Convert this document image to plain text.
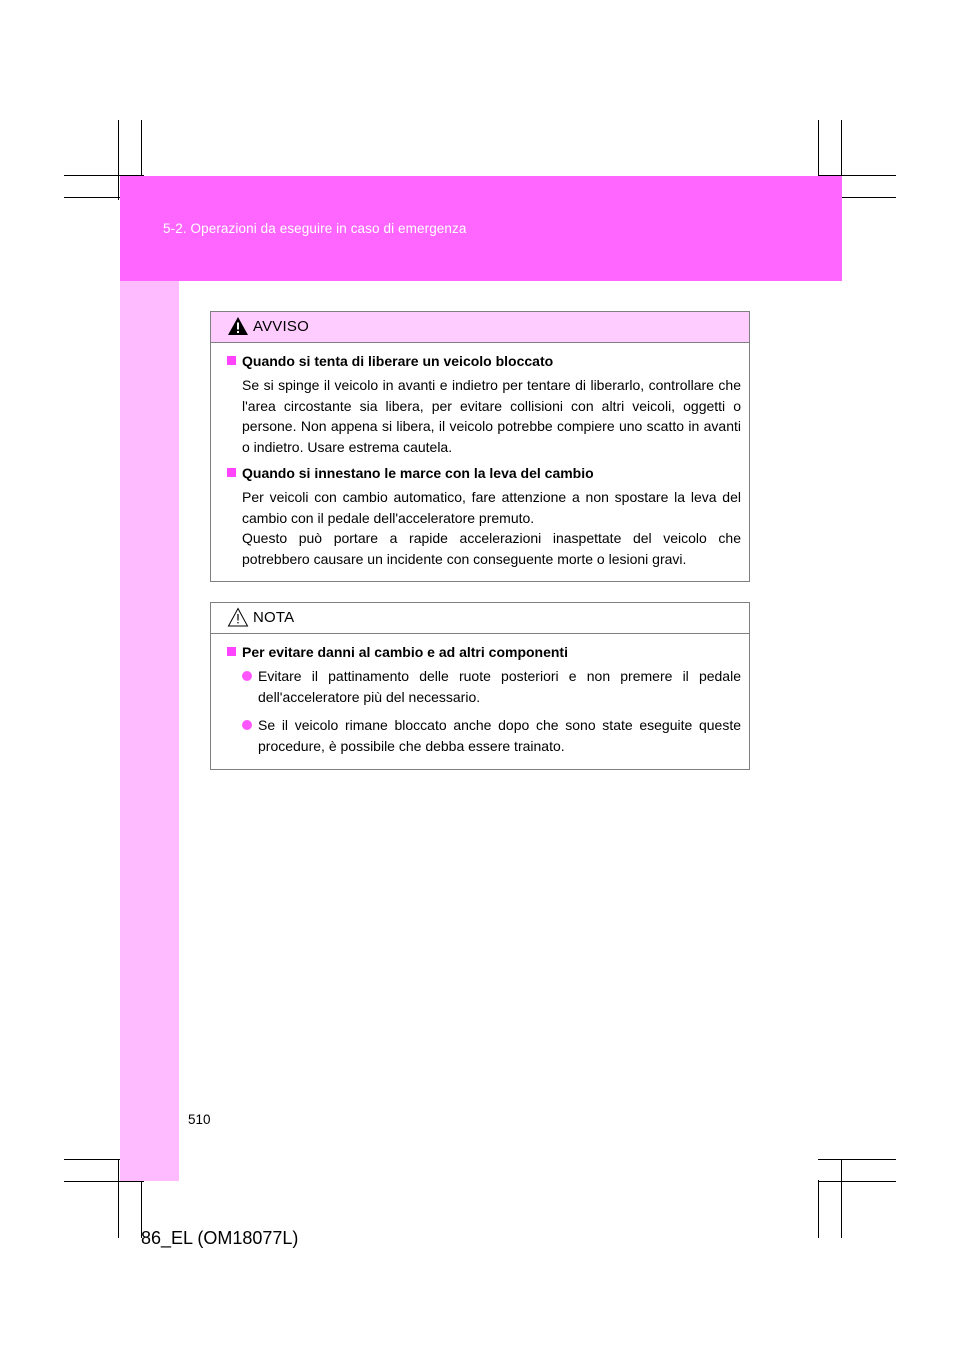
5-2. Operazioni da eseguire in caso di emergenza
AVVISO
Quando si tenta di liberare un veicolo bloccato
Se si spinge il veicolo in avanti e indietro per tentare di liberarlo, controllare che l'area circostante sia libera, per evitare collisioni con altri veicoli, oggetti o persone. Non appena si libera, il veicolo potrebbe compiere uno scatto in avanti o indietro. Usare estrema cautela.
Quando si innestano le marce con la leva del cambio
Per veicoli con cambio automatico, fare attenzione a non spostare la leva del cambio con il pedale dell'acceleratore premuto.
Questo può portare a rapide accelerazioni inaspettate del veicolo che potrebbero causare un incidente con conseguente morte o lesioni gravi.
NOTA
Per evitare danni al cambio e ad altri componenti
Evitare il pattinamento delle ruote posteriori e non premere il pedale dell'acceleratore più del necessario.
Se il veicolo rimane bloccato anche dopo che sono state eseguite queste procedure, è possibile che debba essere trainato.
510
86_EL (OM18077L)
